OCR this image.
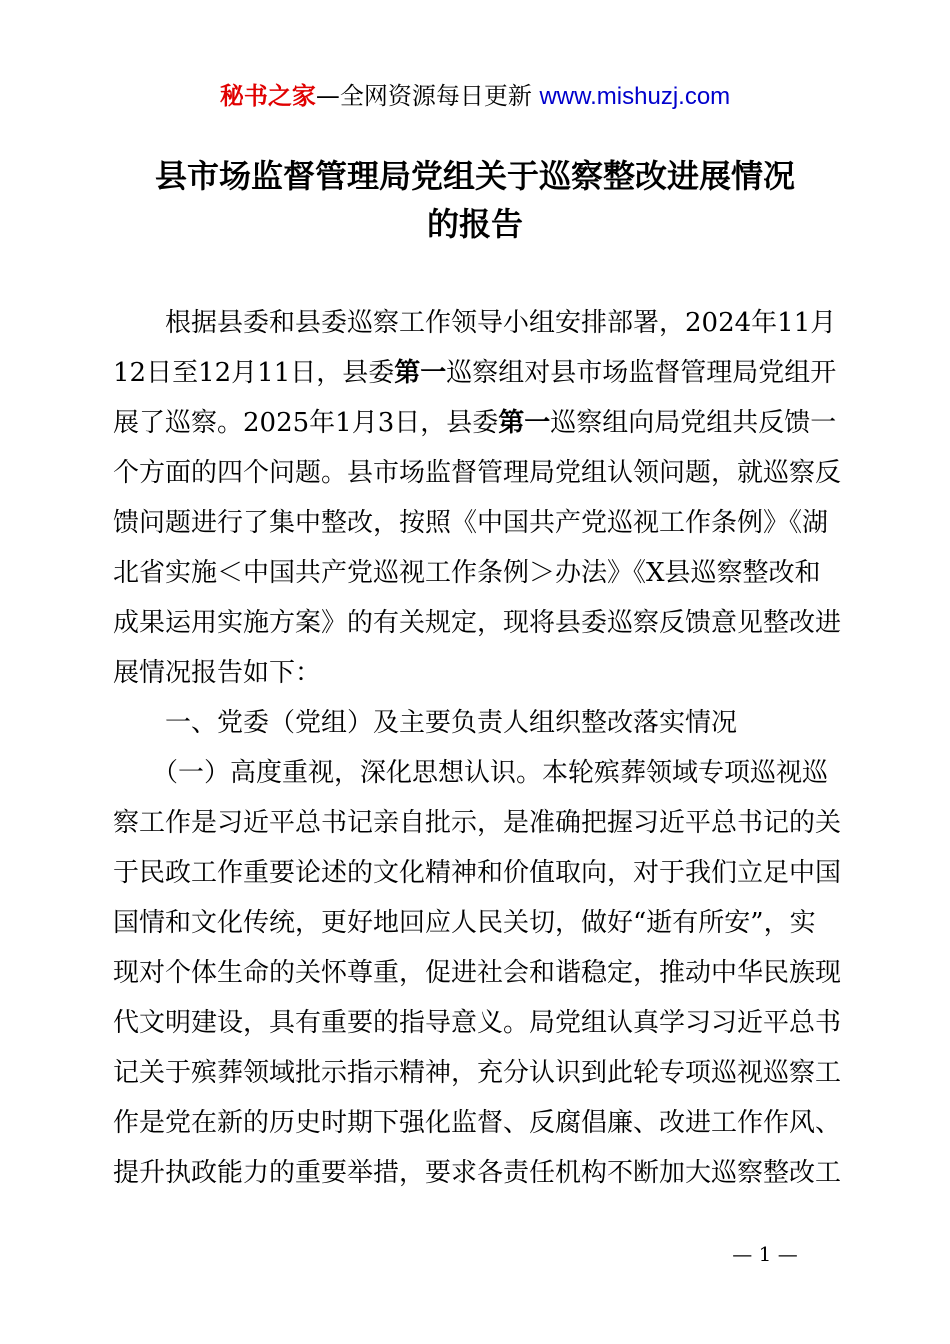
秘书之家—全网资源每日更新 www.mishuzj.com
县市场监督管理局党组关于巡察整改进展情况
的报告
　　根据县委和县委巡察工作领导小组安排部署，2024年11月
12日至12月11日，县委第一巡察组对县市场监督管理局党组开
展了巡察。2025年1月3日，县委第一巡察组向局党组共反馈一
个方面的四个问题。县市场监督管理局党组认领问题，就巡察反
馈问题进行了集中整改，按照《中国共产党巡视工作条例》《湖
北省实施＜中国共产党巡视工作条例＞办法》《X县巡察整改和
成果运用实施方案》的有关规定，现将县委巡察反馈意见整改进
展情况报告如下：
　　一、党委（党组）及主要负责人组织整改落实情况
　　（一）高度重视，深化思想认识。本轮殡葬领域专项巡视巡
察工作是习近平总书记亲自批示，是准确把握习近平总书记的关
于民政工作重要论述的文化精神和价值取向，对于我们立足中国
国情和文化传统，更好地回应人民关切，做好“逝有所安”，实
现对个体生命的关怀尊重，促进社会和谐稳定，推动中华民族现
代文明建设，具有重要的指导意义。局党组认真学习习近平总书
记关于殡葬领域批示指示精神，充分认识到此轮专项巡视巡察工
作是党在新的历史时期下强化监督、反腐倡廉、改进工作作风、
提升执政能力的重要举措，要求各责任机构不断加大巡察整改工
— 1 —
